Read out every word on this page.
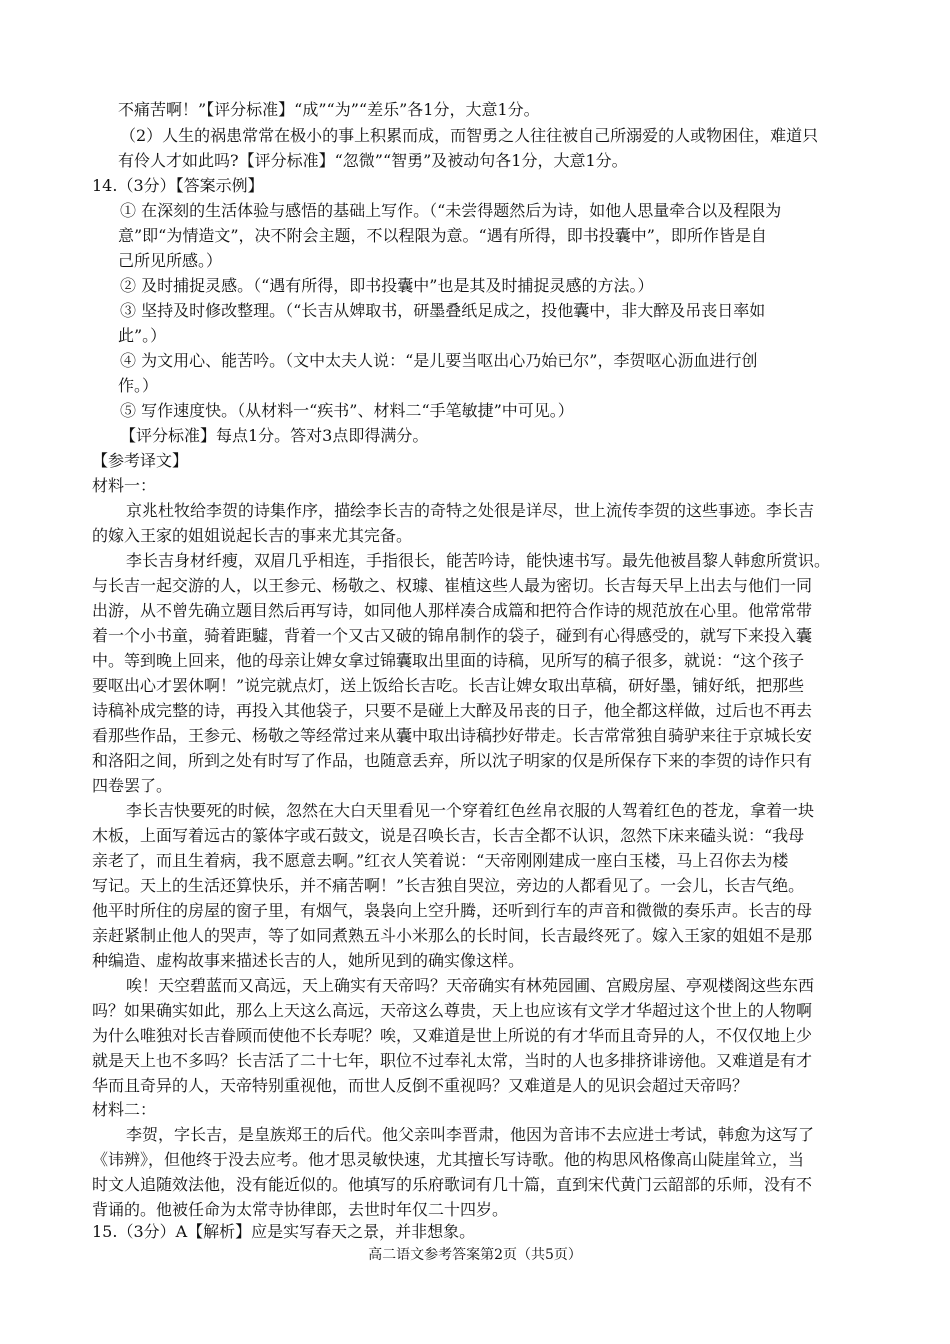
不痛苦啊！”【评分标准】“成”“为”“差乐”各1分，大意1分。
（2）人生的祸患常常在极小的事上积累而成，而智勇之人往往被自己所溺爱的人或物困住，难道只
有伶人才如此吗?【评分标准】“忽微”“智勇”及被动句各1分，大意1分。
14.（3分）【答案示例】
① 在深刻的生活体验与感悟的基础上写作。（“未尝得题然后为诗，如他人思量牵合以及程限为
意”即“为情造文”，决不附会主题，不以程限为意。“遇有所得，即书投囊中”，即所作皆是自
己所见所感。）
② 及时捕捉灵感。（“遇有所得，即书投囊中”也是其及时捕捉灵感的方法。）
③ 坚持及时修改整理。（“长吉从婢取书，研墨叠纸足成之，投他囊中，非大醉及吊丧日率如
此”。）
④ 为文用心、能苦吟。（文中太夫人说：“是儿要当呕出心乃始已尔”，李贺呕心沥血进行创
作。）
⑤ 写作速度快。（从材料一“疾书”、材料二“手笔敏捷”中可见。）
【评分标准】每点1分。答对3点即得满分。
【参考译文】
材料一：
京兆杜牧给李贺的诗集作序，描绘李长吉的奇特之处很是详尽，世上流传李贺的这些事迹。李长吉
的嫁入王家的姐姐说起长吉的事来尤其完备。
李长吉身材纤瘦，双眉几乎相连，手指很长，能苦吟诗，能快速书写。最先他被昌黎人韩愈所赏识。
与长吉一起交游的人，以王参元、杨敬之、权璩、崔植这些人最为密切。长吉每天早上出去与他们一同
出游，从不曾先确立题目然后再写诗，如同他人那样凑合成篇和把符合作诗的规范放在心里。他常常带
着一个小书童，骑着距驉，背着一个又古又破的锦帛制作的袋子，碰到有心得感受的，就写下来投入囊
中。等到晚上回来，他的母亲让婢女拿过锦囊取出里面的诗稿，见所写的稿子很多，就说：“这个孩子
要呕出心才罢休啊！”说完就点灯，送上饭给长吉吃。长吉让婢女取出草稿，研好墨，铺好纸，把那些
诗稿补成完整的诗，再投入其他袋子，只要不是碰上大醉及吊丧的日子，他全都这样做，过后也不再去
看那些作品，王参元、杨敬之等经常过来从囊中取出诗稿抄好带走。长吉常常独自骑驴来往于京城长安
和洛阳之间，所到之处有时写了作品，也随意丢弃，所以沈子明家的仅是所保存下来的李贺的诗作只有
四卷罢了。
李长吉快要死的时候，忽然在大白天里看见一个穿着红色丝帛衣服的人驾着红色的苍龙，拿着一块
木板，上面写着远古的篆体字或石鼓文，说是召唤长吉，长吉全都不认识，忽然下床来磕头说：“我母
亲老了，而且生着病，我不愿意去啊。”红衣人笑着说：“天帝刚刚建成一座白玉楼，马上召你去为楼
写记。天上的生活还算快乐，并不痛苦啊！”长吉独自哭泣，旁边的人都看见了。一会儿，长吉气绝。
他平时所住的房屋的窗子里，有烟气，袅袅向上空升腾，还听到行车的声音和微微的奏乐声。长吉的母
亲赶紧制止他人的哭声，等了如同煮熟五斗小米那么的长时间，长吉最终死了。嫁入王家的姐姐不是那
种编造、虚构故事来描述长吉的人，她所见到的确实像这样。
唉！天空碧蓝而又高远，天上确实有天帝吗？天帝确实有林苑园圃、宫殿房屋、亭观楼阁这些东西
吗？如果确实如此，那么上天这么高远，天帝这么尊贵，天上也应该有文学才华超过这个世上的人物啊
为什么唯独对长吉眷顾而使他不长寿呢？唉，又难道是世上所说的有才华而且奇异的人，不仅仅地上少
就是天上也不多吗？长吉活了二十七年，职位不过奉礼太常，当时的人也多排挤诽谤他。又难道是有才
华而且奇异的人，天帝特别重视他，而世人反倒不重视吗？又难道是人的见识会超过天帝吗？
材料二：
李贺，字长吉，是皇族郑王的后代。他父亲叫李晋肃，他因为音讳不去应进士考试，韩愈为这写了
《讳辨》，但他终于没去应考。他才思灵敏快速，尤其擅长写诗歌。他的构思风格像高山陡崖耸立，当
时文人追随效法他，没有能近似的。他填写的乐府歌词有几十篇，直到宋代黄门云韶部的乐师，没有不
背诵的。他被任命为太常寺协律郎，去世时年仅二十四岁。
15.（3分）A【解析】应是实写春天之景，并非想象。
高二语文参考答案第2页（共5页）
